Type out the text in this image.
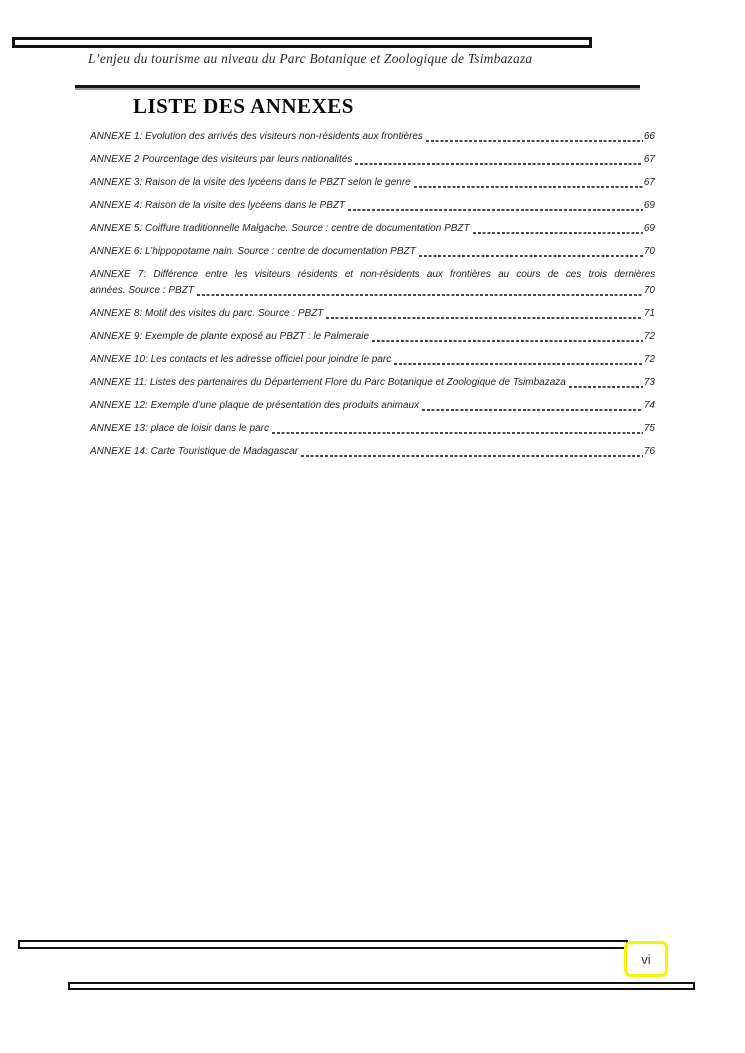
L’enjeu du tourisme au niveau du Parc Botanique et Zoologique de Tsimbazaza
LISTE DES ANNEXES
ANNEXE 1: Evolution des arrivés des visiteurs non-résidents aux frontières	66
ANNEXE 2 Pourcentage des visiteurs par leurs nationalités	67
ANNEXE 3: Raison de la visite des lycéens dans le PBZT selon le genre	67
ANNEXE 4: Raison de la visite des lycéens dans le PBZT	69
ANNEXE 5: Coiffure traditionnelle Malgache. Source : centre de documentation PBZT	69
ANNEXE 6: L’hippopotame nain. Source : centre de documentation PBZT	70
ANNEXE 7: Différence entre les visiteurs résidents et non-résidents aux frontières au cours de ces trois dernières
années. Source : PBZT	70
ANNEXE 8: Motif des visites du parc. Source : PBZT	71
ANNEXE 9: Exemple de plante exposé au PBZT : le Palmeraie	72
ANNEXE 10: Les contacts et les adresse officiel pour joindre le parc	72
ANNEXE 11: Listes des partenaires du Département Flore du Parc Botanique et Zoologique de Tsimbazaza	73
ANNEXE 12: Exemple d’une plaque de présentation des produits animaux	74
ANNEXE 13: place de loisir dans le parc	75
ANNEXE 14: Carte Touristique de Madagascar	76
vi
